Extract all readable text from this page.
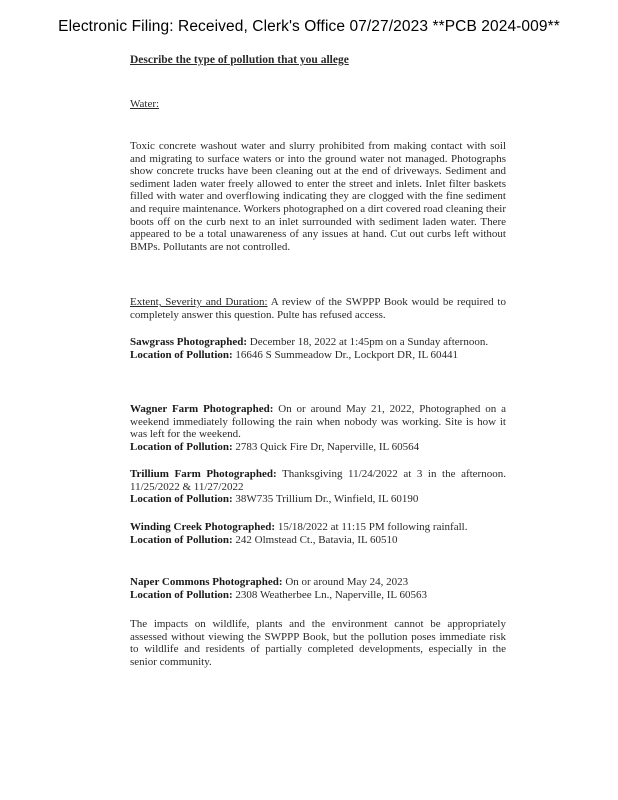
Electronic Filing: Received, Clerk's Office 07/27/2023 **PCB 2024-009**
Describe the type of pollution that you allege
Water:
Toxic concrete washout water and slurry prohibited from making contact with soil and migrating to surface waters or into the ground water not managed. Photographs show concrete trucks have been cleaning out at the end of driveways. Sediment and sediment laden water freely allowed to enter the street and inlets. Inlet filter baskets filled with water and overflowing indicating they are clogged with the fine sediment and require maintenance. Workers photographed on a dirt covered road cleaning their boots off on the curb next to an inlet surrounded with sediment laden water. There appeared to be a total unawareness of any issues at hand. Cut out curbs left without BMPs. Pollutants are not controlled.
Extent, Severity and Duration: A review of the SWPPP Book would be required to completely answer this question. Pulte has refused access.
Sawgrass Photographed: December 18, 2022 at 1:45pm on a Sunday afternoon.
Location of Pollution: 16646 S Summeadow Dr., Lockport DR, IL 60441
Wagner Farm Photographed: On or around May 21, 2022, Photographed on a weekend immediately following the rain when nobody was working. Site is how it was left for the weekend.
Location of Pollution: 2783 Quick Fire Dr, Naperville, IL 60564
Trillium Farm Photographed: Thanksgiving 11/24/2022 at 3 in the afternoon. 11/25/2022 & 11/27/2022
Location of Pollution: 38W735 Trillium Dr., Winfield, IL 60190
Winding Creek Photographed: 15/18/2022 at 11:15 PM following rainfall.
Location of Pollution: 242 Olmstead Ct., Batavia, IL 60510
Naper Commons Photographed: On or around May 24, 2023
Location of Pollution: 2308 Weatherbee Ln., Naperville, IL 60563
The impacts on wildlife, plants and the environment cannot be appropriately assessed without viewing the SWPPP Book, but the pollution poses immediate risk to wildlife and residents of partially completed developments, especially in the senior community.
